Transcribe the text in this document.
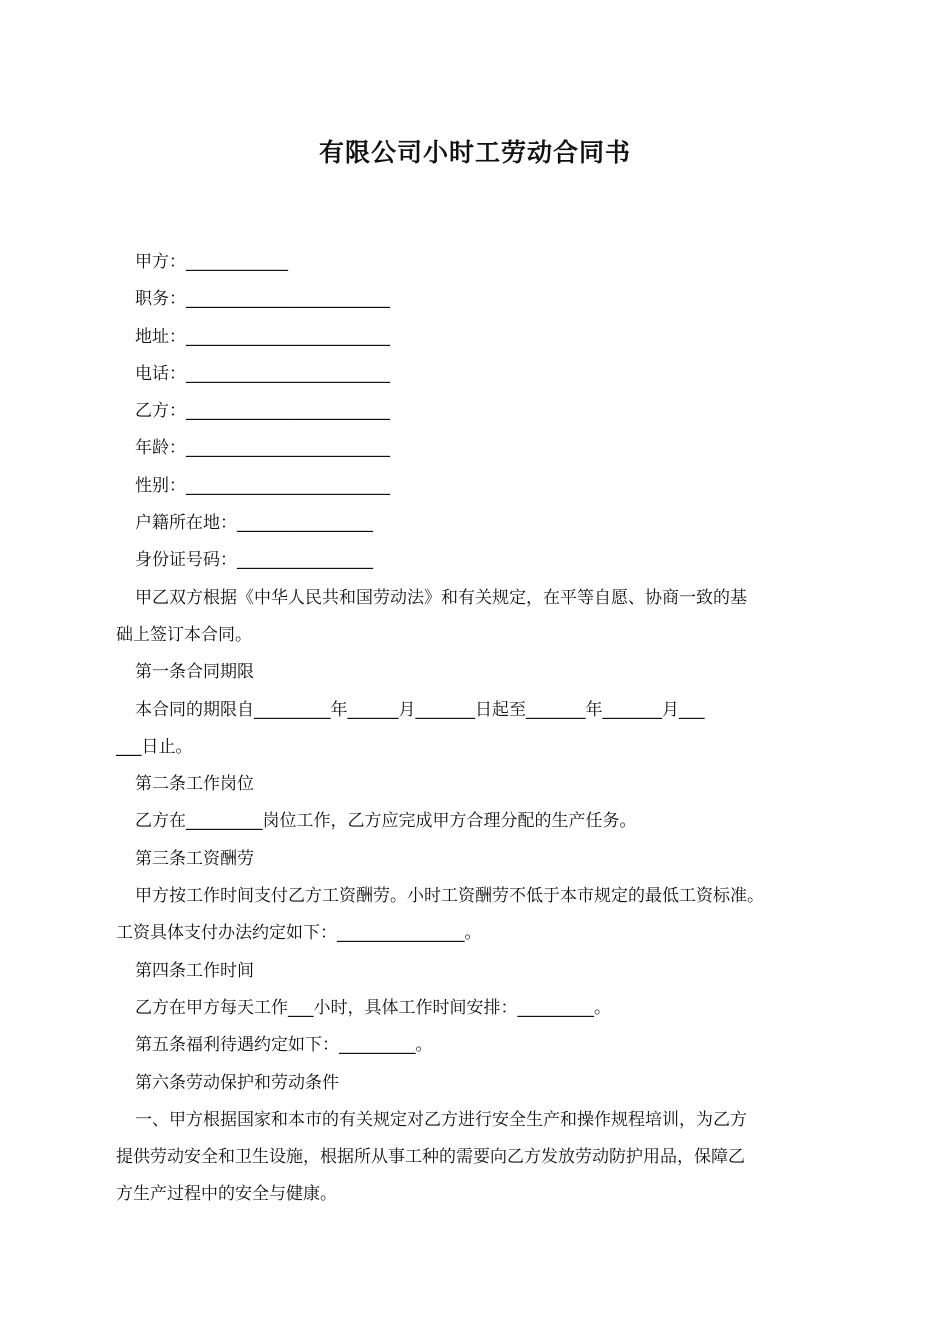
有限公司小时工劳动合同书
甲方：____________
职务：________________________
地址：________________________
电话：________________________
乙方：________________________
年龄：________________________
性别：________________________
户籍所在地：________________
身份证号码：________________
甲乙双方根据《中华人民共和国劳动法》和有关规定，在平等自愿、协商一致的基
础上签订本合同。
第一条合同期限
本合同的期限自_________年______月_______日起至_______年_______月___
___日止。
第二条工作岗位
乙方在_________岗位工作，乙方应完成甲方合理分配的生产任务。
第三条工资酬劳
甲方按工作时间支付乙方工资酬劳。小时工资酬劳不低于本市规定的最低工资标准。
工资具体支付办法约定如下：_______________。
第四条工作时间
乙方在甲方每天工作___小时，具体工作时间安排：_________。
第五条福利待遇约定如下：_________。
第六条劳动保护和劳动条件
一、甲方根据国家和本市的有关规定对乙方进行安全生产和操作规程培训，为乙方
提供劳动安全和卫生设施，根据所从事工种的需要向乙方发放劳动防护用品，保障乙
方生产过程中的安全与健康。
